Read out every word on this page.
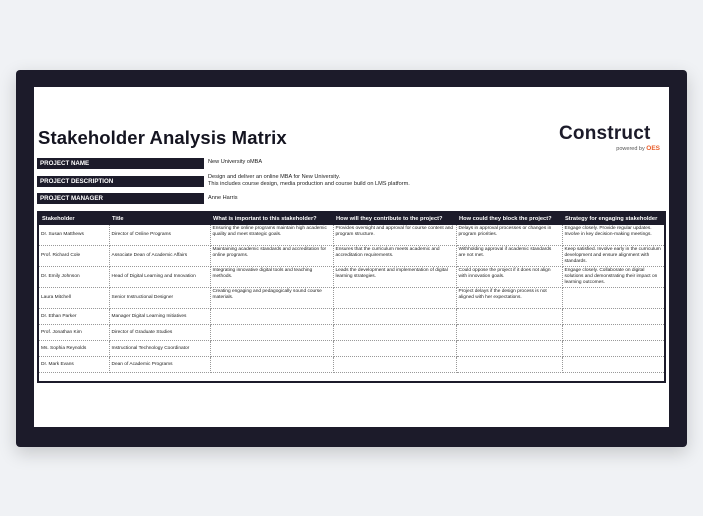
Stakeholder Analysis Matrix	Construct
powered by OES
PROJECT NAME	New University oMBA
PROJECT DESCRIPTION
Design and deliver an online MBA for New University.
This includes course design, media production and course build on LMS platform.
PROJECT MANAGER	Anne Harris
Stakeholder	Title	What is important to this stakeholder?	How will they contribute to the project?	How could they block the project?	Strategy for engaging stakeholder
Dr. Susan Matthews	Director of Online Programs	Ensuring the online programs maintain high academic quality and meet strategic goals.	Provides oversight and approval for course content and program structure.	Delays in approval processes or changes in program priorities.	Engage closely. Provide regular updates. Involve in key decision-making meetings.
Prof. Richard Cole	Associate Dean of Academic Affairs	Maintaining academic standards and accreditation for online programs.	Ensures that the curriculum meets academic and accreditation requirements.	Withholding approval if academic standards are not met.	Keep satisfied. Involve early in the curriculum development and ensure alignment with standards.
Dr. Emily Johnson	Head of Digital Learning and Innovation	Integrating innovative digital tools and teaching methods.	Leads the development and implementation of digital learning strategies.	Could oppose the project if it does not align with innovation goals.	Engage closely. Collaborate on digital solutions and demonstrating their impact on learning outcomes.
Laura Mitchell	Senior Instructional Designer	Creating engaging and pedagogically sound course materials.		Project delays if the design process is not aligned with her expectations.	
Dr. Ethan Parker	Manager Digital Learning Initiatives				
Prof. Jonathan Kim	Director of Graduate Studies				
Ms. Sophia Reynolds	Instructional Technology Coordinator				
Dr. Mark Evans	Dean of Academic Programs				
